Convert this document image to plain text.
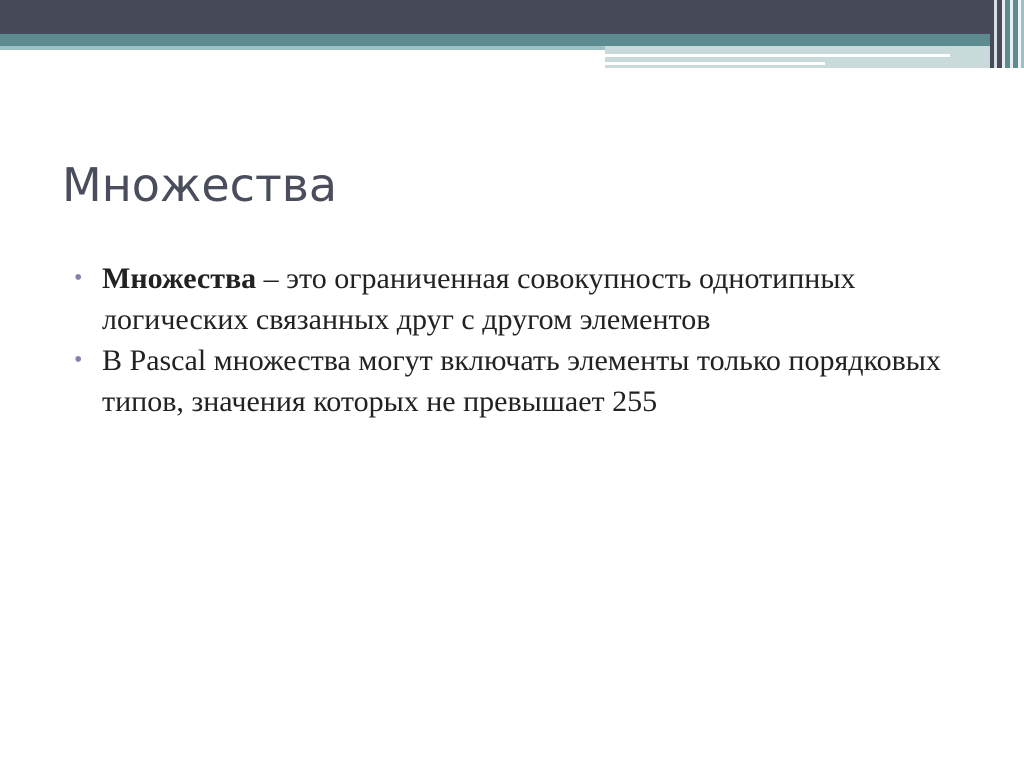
Множества
• Множества – это ограниченная совокупность однотипных логических связанных друг с другом элементов
• В Pascal множества могут включать элементы только порядковых типов, значения которых не превышает 255
